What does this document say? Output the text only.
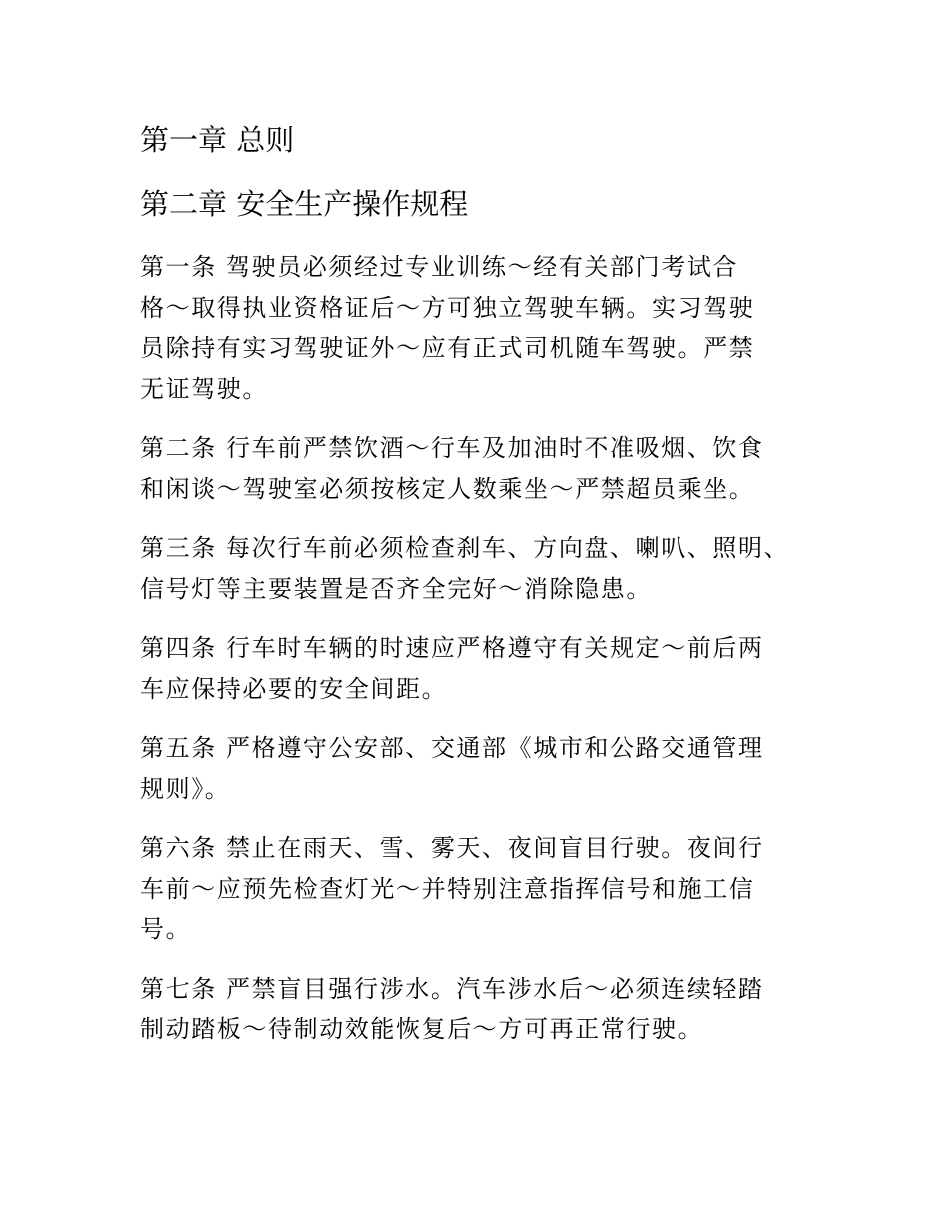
第一章 总则
第二章 安全生产操作规程

第一条 驾驶员必须经过专业训练～经有关部门考试合
格～取得执业资格证后～方可独立驾驶车辆。实习驾驶
员除持有实习驾驶证外～应有正式司机随车驾驶。严禁
无证驾驶。

第二条 行车前严禁饮酒～行车及加油时不准吸烟、饮食
和闲谈～驾驶室必须按核定人数乘坐～严禁超员乘坐。

第三条 每次行车前必须检查刹车、方向盘、喇叭、照明、
信号灯等主要装置是否齐全完好～消除隐患。

第四条 行车时车辆的时速应严格遵守有关规定～前后两
车应保持必要的安全间距。

第五条 严格遵守公安部、交通部《城市和公路交通管理
规则》。

第六条 禁止在雨天、雪、雾天、夜间盲目行驶。夜间行
车前～应预先检查灯光～并特别注意指挥信号和施工信
号。

第七条 严禁盲目强行涉水。汽车涉水后～必须连续轻踏
制动踏板～待制动效能恢复后～方可再正常行驶。
